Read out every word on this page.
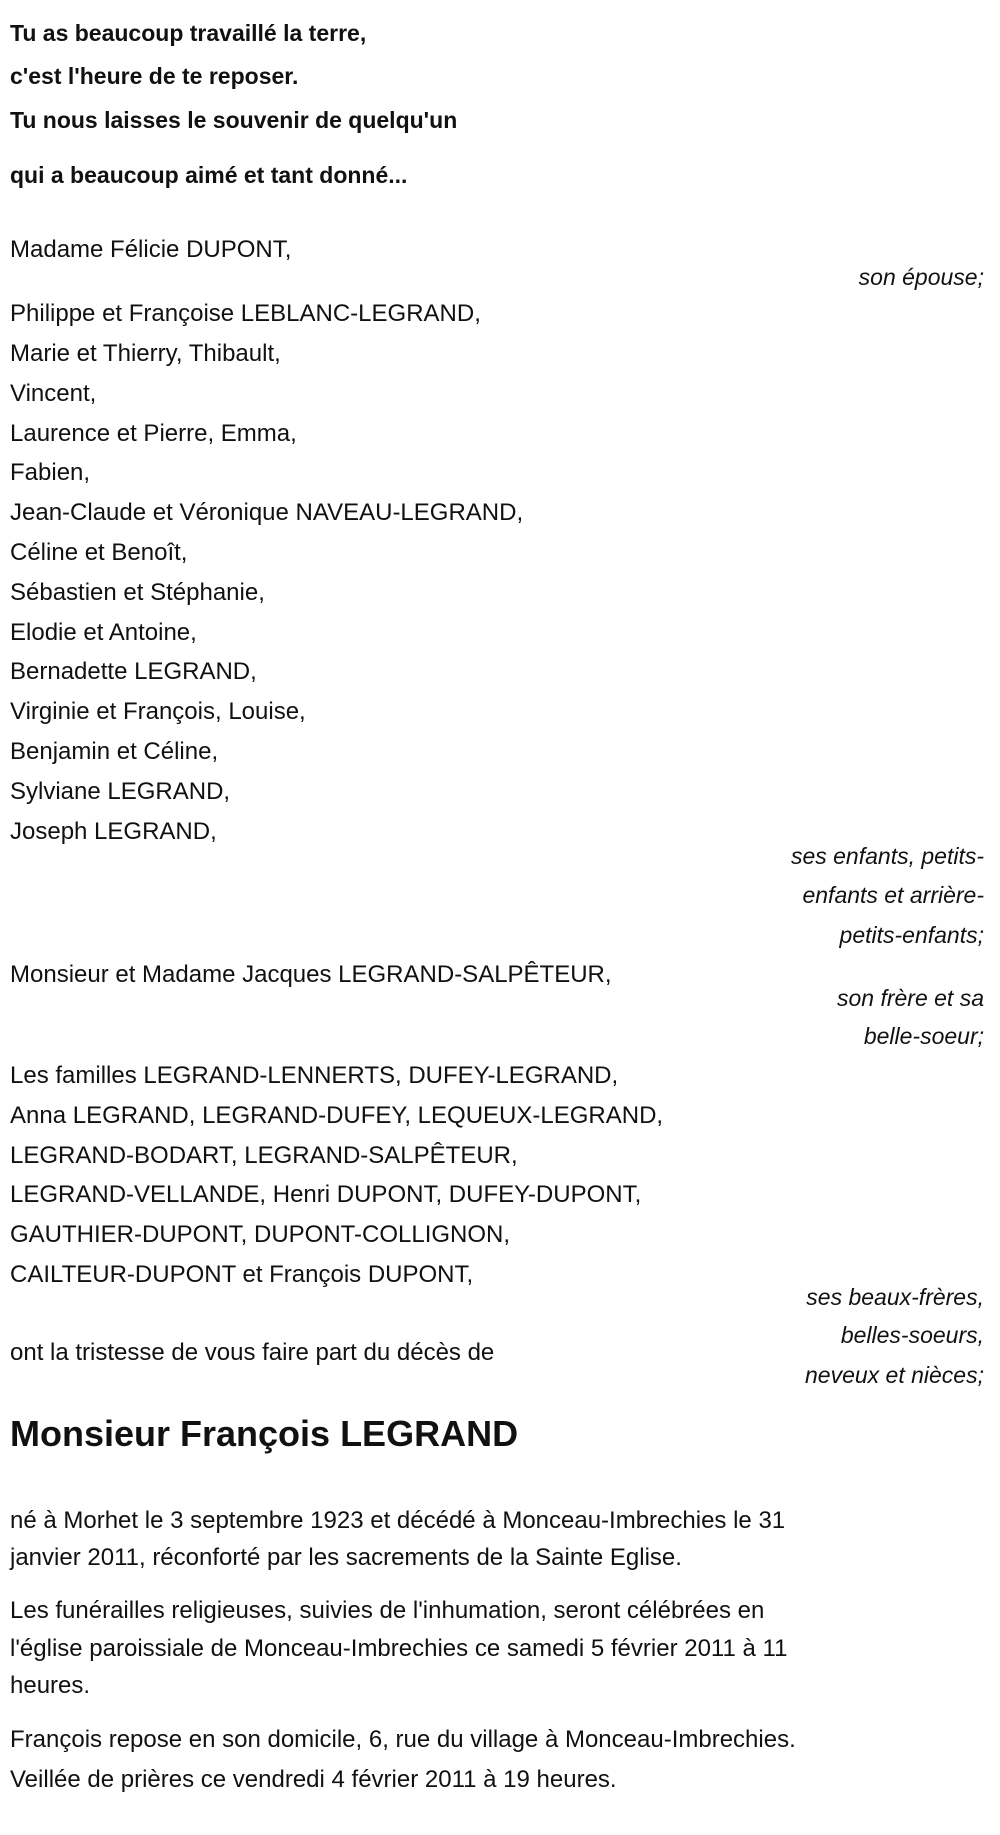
Tu as beaucoup travaillé la terre,
c'est l'heure de te reposer.
Tu nous laisses le souvenir de quelqu'un
qui a beaucoup aimé et tant donné...
Madame Félicie DUPONT,
son épouse;
Philippe et Françoise LEBLANC-LEGRAND,
Marie et Thierry, Thibault,
Vincent,
Laurence et Pierre, Emma,
Fabien,
Jean-Claude et Véronique NAVEAU-LEGRAND,
Céline et Benoît,
Sébastien et Stéphanie,
Elodie et Antoine,
Bernadette LEGRAND,
Virginie et François, Louise,
Benjamin et Céline,
Sylviane LEGRAND,
Joseph LEGRAND,
ses enfants, petits-
enfants et arrière-
petits-enfants;
Monsieur et Madame Jacques LEGRAND-SALPÊTEUR,
son frère et sa
belle-soeur;
Les familles LEGRAND-LENNERTS, DUFEY-LEGRAND,
Anna LEGRAND, LEGRAND-DUFEY, LEQUEUX-LEGRAND,
LEGRAND-BODART, LEGRAND-SALPÊTEUR,
LEGRAND-VELLANDE, Henri DUPONT, DUFEY-DUPONT,
GAUTHIER-DUPONT, DUPONT-COLLIGNON,
CAILTEUR-DUPONT et François DUPONT,
ses beaux-frères,
belles-soeurs,
neveux et nièces;
ont la tristesse de vous faire part du décès de
Monsieur François LEGRAND
né à Morhet le 3 septembre 1923 et décédé à Monceau-Imbrechies le 31
janvier 2011, réconforté par les sacrements de la Sainte Eglise.
Les funérailles religieuses, suivies de l'inhumation, seront célébrées en
l'église paroissiale de Monceau-Imbrechies ce samedi 5 février 2011 à 11
heures.
François repose en son domicile, 6, rue du village à Monceau-Imbrechies.
Veillée de prières ce vendredi 4 février 2011 à 19 heures.
